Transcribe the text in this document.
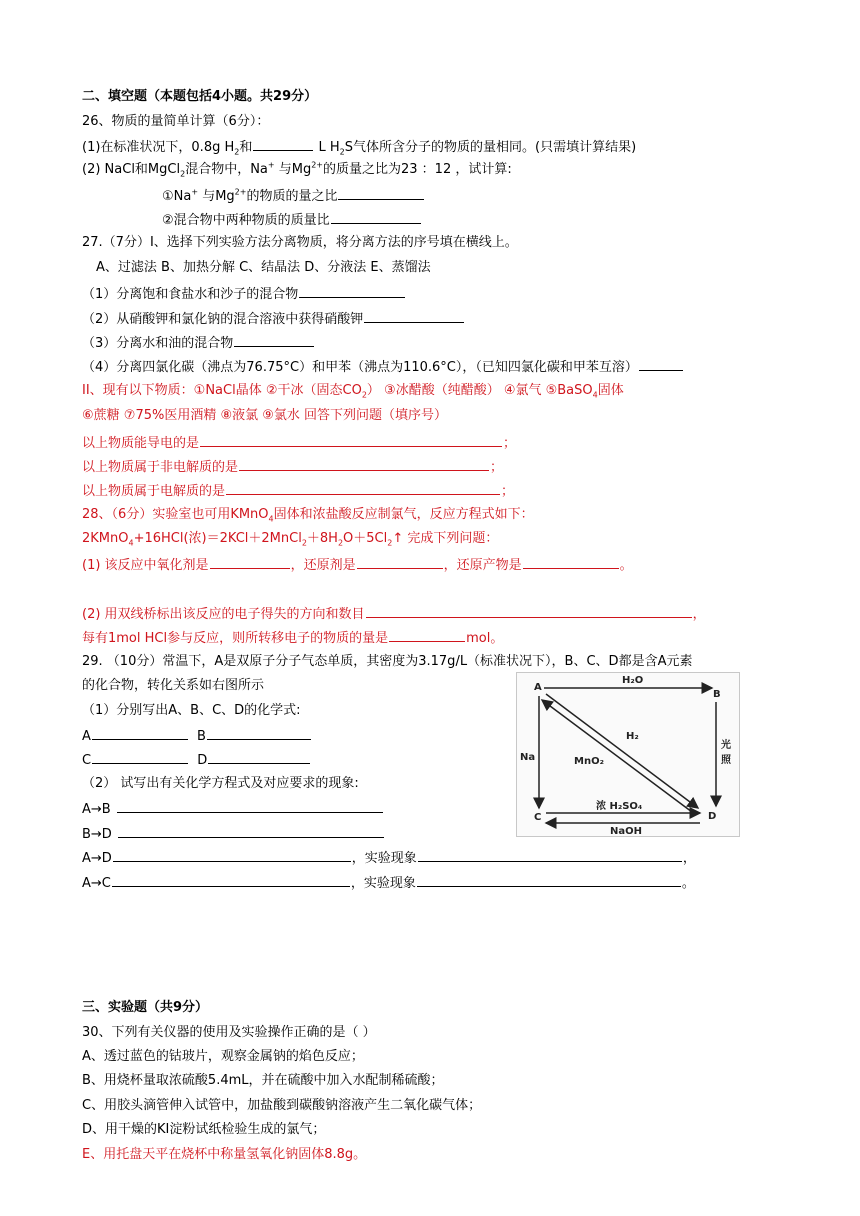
二、填空题（本题包括4小题。共29分）
26、物质的量简单计算（6分）：
(1)在标准状况下，0.8g $H_2$和	L $H_2S$气体所含分子的物质的量相同。(只需填计算结果)
(2) NaCl和MgCl$_2$混合物中，Na+ 与$Mg^{2+}$的质量之比为23 ：12 ，试计算:
①Na+ 与$Mg^{2+}$的物质的量之比
②混合物中两种物质的质量比
27.（7分）I、选择下列实验方法分离物质，将分离方法的序号填在横线上。
A、过滤法 B、加热分解 C、结晶法 D、分液法 E、蒸馏法
（1）分离饱和食盐水和沙子的混合物
（2）从硝酸钾和氯化钠的混合溶液中获得硝酸钾
（3）分离水和油的混合物
（4）分离四氯化碳（沸点为76.75°C）和甲苯（沸点为110.6°C），（已知四氯化碳和甲苯互溶）
II、现有以下物质：①NaCl晶体 ②干冰（固态$CO_2$） ③冰醋酸（纯醋酸） ④氯气 ⑤BaSO$_4$固体
⑥蔗糖 ⑦75%医用酒精 ⑧液氯 ⑨氯水 回答下列问题（填序号）
以上物质能导电的是	；
以上物质属于非电解质的是	；
以上物质属于电解质的是	；
28、（6分）实验室也可用KMnO$_4$固体和浓盐酸反应制氯气，反应方程式如下：
2KMnO$_4$+16HCl(浓)$=2KCl+2MnCl_2+8H_2O+5Cl_2↑$ 完成下列问题：
(1) 该反应中氧化剂是	，还原剂是	，还原产物是	。
(2) 用双线桥标出该反应的电子得失的方向和数目	，
每有1mol HCl参与反应，则所转移电子的物质的量是	mol。
29. （10分）常温下，A是双原子分子气态单质，其密度为3.17g/L（标准状况下），B、C、D都是含A元素
的化合物，转化关系如右图所示
（1）分别写出A、B、C、D的化学式:
A	B
C	D
（2） 试写出有关化学方程式及对应要求的现象:
A→B
B→D
A→D	，实验现象	，
A→C	，实验现象	。
A
B
C	D
H₂O
Na
光
照
H₂
MnO₂
浓 H₂SO₄
NaOH
三、实验题（共9分）
30、下列有关仪器的使用及实验操作正确的是（ ）
A、透过蓝色的钴玻片，观察金属钠的焰色反应；
B、用烧杯量取浓硫酸5.4mL，并在硫酸中加入水配制稀硫酸；
C、用胶头滴管伸入试管中，加盐酸到碳酸钠溶液产生二氧化碳气体；
D、用干燥的KI淀粉试纸检验生成的氯气；
E、用托盘天平在烧杯中称量氢氧化钠固体8.8g。
